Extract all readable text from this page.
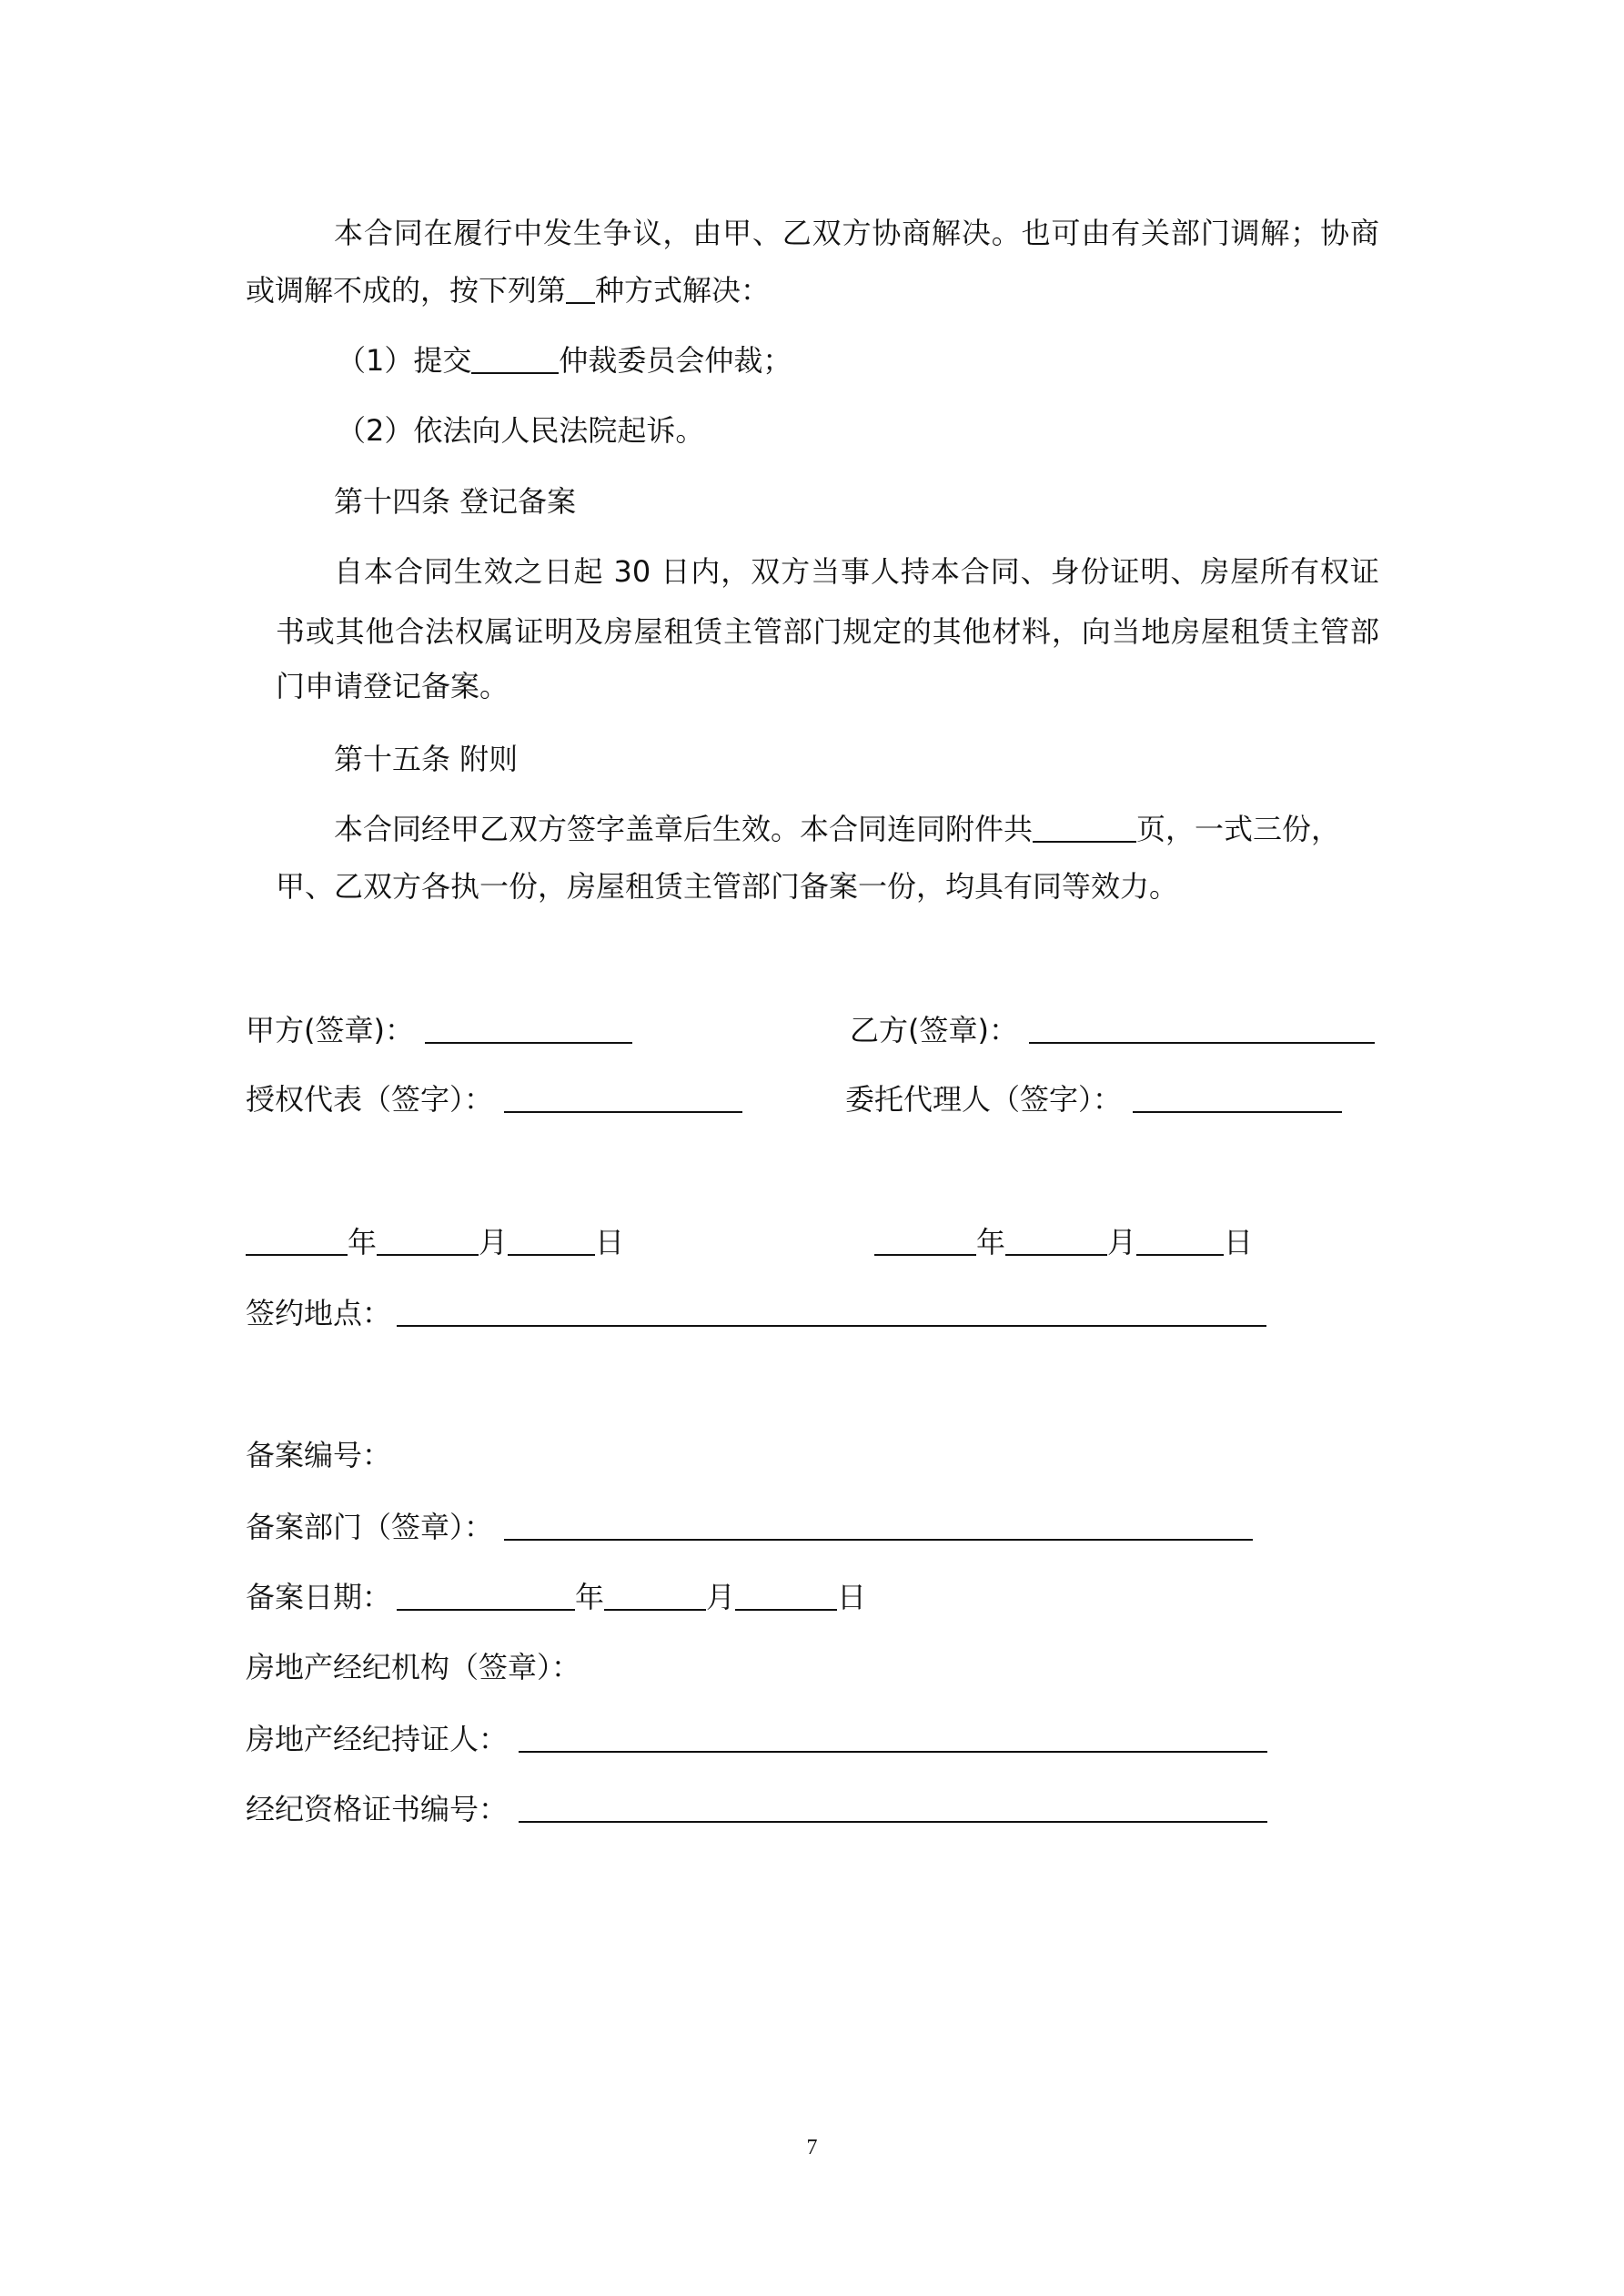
本合同在履行中发生争议，由甲、乙双方协商解决。也可由有关部门调解；协商
或调解不成的，按下列第 种方式解决：
（1）提交	仲裁委员会仲裁；
（2）依法向人民法院起诉。
第十四条 登记备案
自本合同生效之日起 30 日内，双方当事人持本合同、身份证明、房屋所有权证
书或其他合法权属证明及房屋租赁主管部门规定的其他材料，向当地房屋租赁主管部
门申请登记备案。
第十五条 附则
本合同经甲乙双方签字盖章后生效。本合同连同附件共	页，一式三份，
甲、乙双方各执一份，房屋租赁主管部门备案一份，均具有同等效力。
甲方(签章)：	乙方(签章)：
授权代表（签字）：	委托代理人（签字）：
年	月	日	年	月	日
签约地点：
备案编号：
备案部门（签章）：
备案日期：	年	月	日
房地产经纪机构（签章）：
房地产经纪持证人：
经纪资格证书编号：
7
